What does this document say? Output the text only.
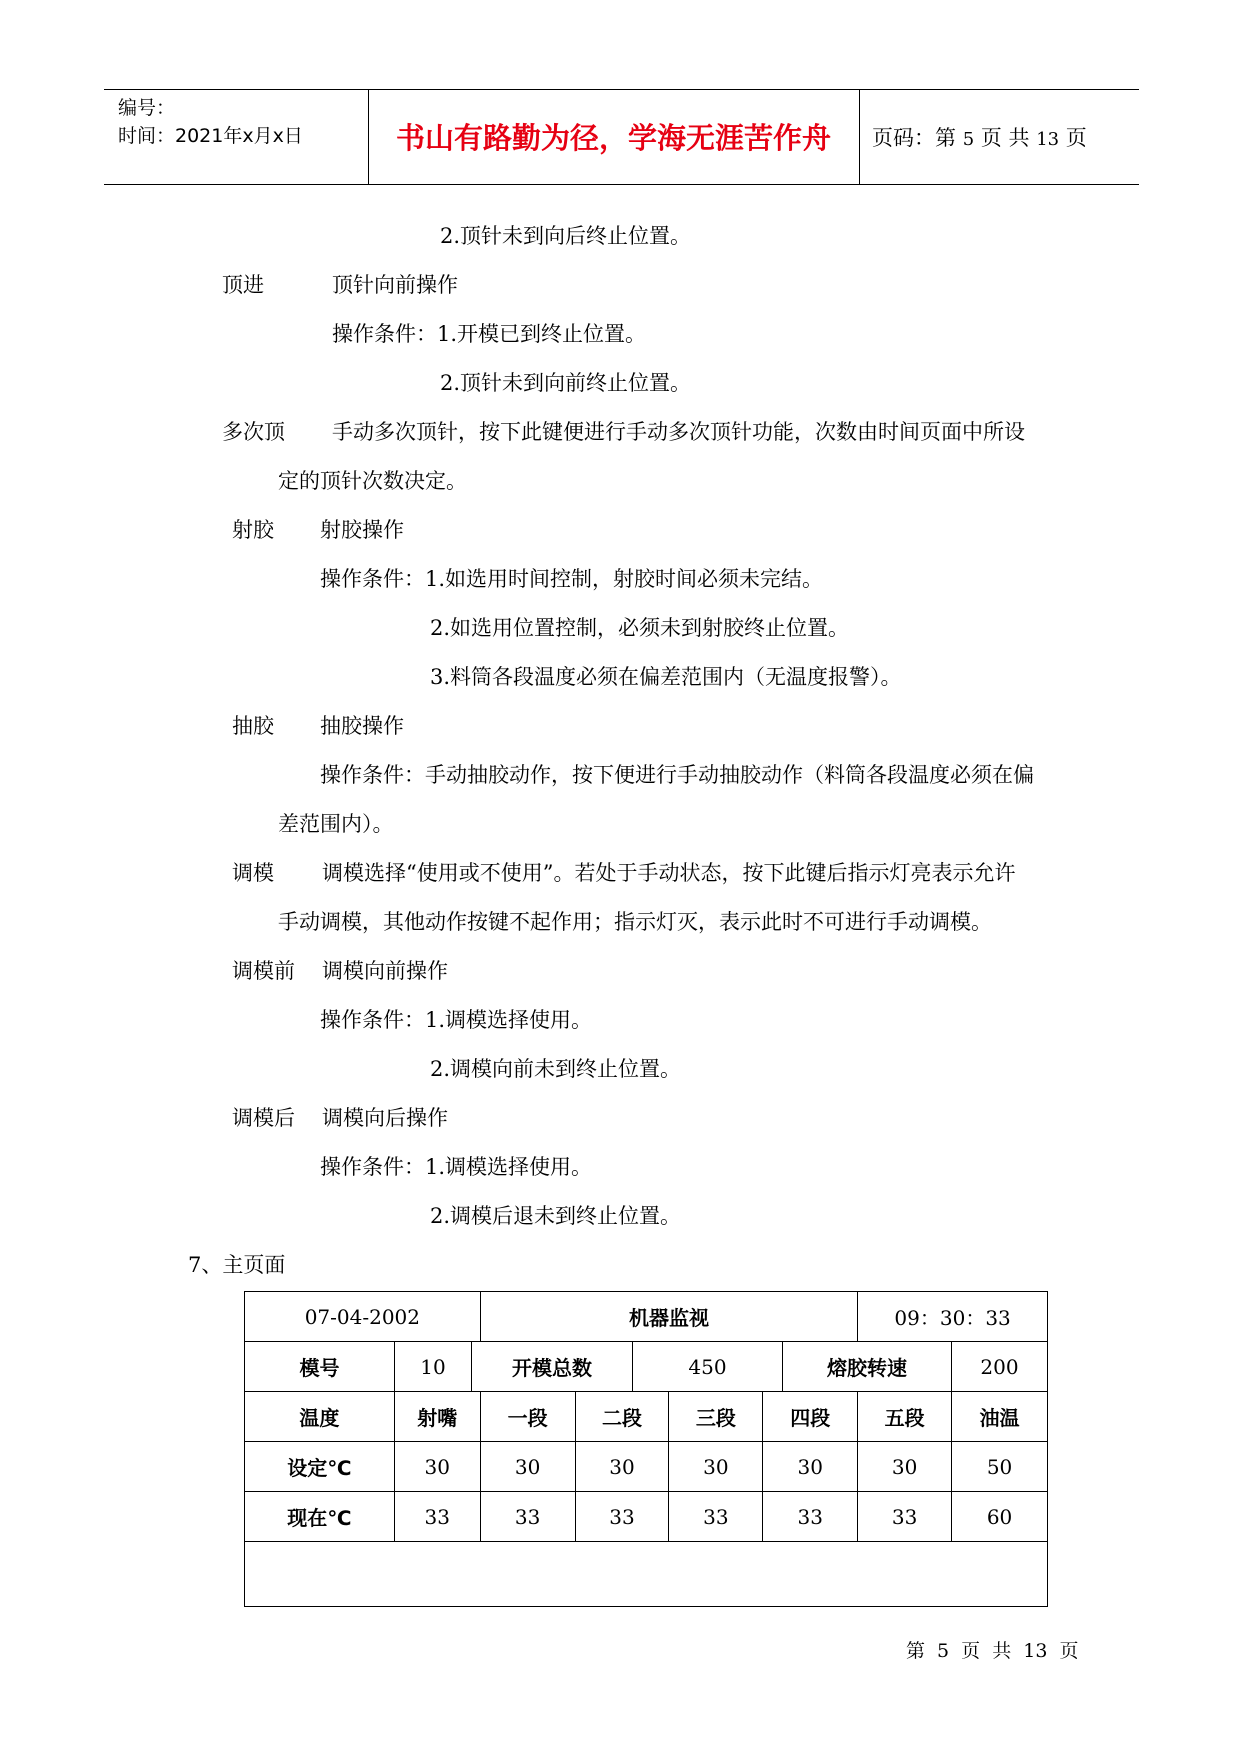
编号：
时间：2021年x月x日	书山有路勤为径，学海无涯苦作舟	页码：第 5 页 共 13 页
2.顶针未到向后终止位置。
顶进	顶针向前操作
操作条件：1.开模已到终止位置。
2.顶针未到向前终止位置。
多次顶 手动多次顶针，按下此键便进行手动多次顶针功能，次数由时间页面中所设
定的顶针次数决定。
射胶 射胶操作
操作条件：1.如选用时间控制，射胶时间必须未完结。
2.如选用位置控制，必须未到射胶终止位置。
3.料筒各段温度必须在偏差范围内（无温度报警）。
抽胶 抽胶操作
操作条件：手动抽胶动作，按下便进行手动抽胶动作（料筒各段温度必须在偏
差范围内）。
调模 调模选择“使用或不使用”。若处于手动状态，按下此键后指示灯亮表示允许
手动调模，其他动作按键不起作用；指示灯灭，表示此时不可进行手动调模。
调模前 调模向前操作
操作条件：1.调模选择使用。
2.调模向前未到终止位置。
调模后 调模向后操作
操作条件：1.调模选择使用。
2.调模后退未到终止位置。
7、主页面
07-04-2002	机器监视	09：30：33

模号	10	开模总数	450	熔胶转速	200

温度	射嘴	一段	二段	三段	四段	五段	油温
设定℃	30	30	30	30	30	30	50
现在℃	33	33	33	33	33	33	60

第 5 页 共 13 页
